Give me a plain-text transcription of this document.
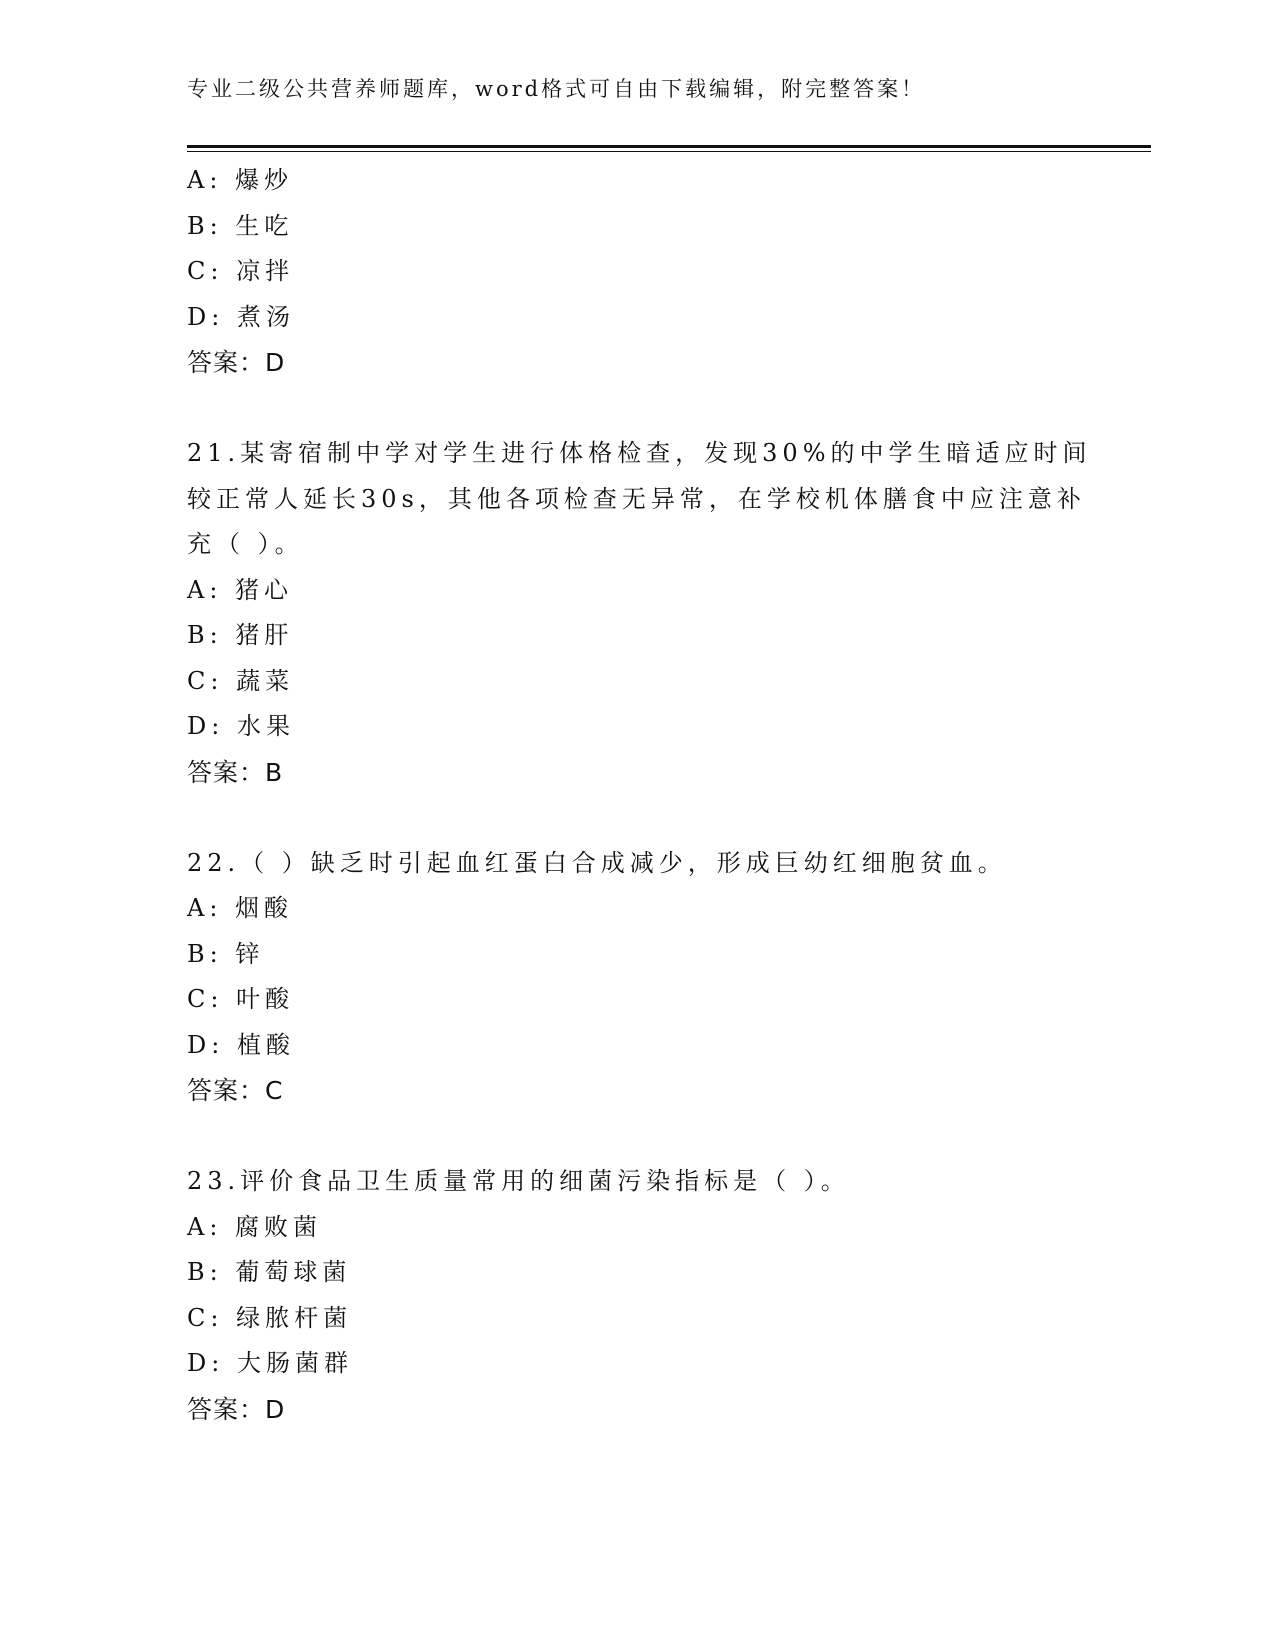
专业二级公共营养师题库，word格式可自由下载编辑，附完整答案！
A: 爆炒
B: 生吃
C: 凉拌
D: 煮汤
答案：D
21.某寄宿制中学对学生进行体格检查，发现30%的中学生暗适应时间
较正常人延长30s，其他各项检查无异常，在学校机体膳食中应注意补
充（ ）。
A: 猪心
B: 猪肝
C: 蔬菜
D: 水果
答案：B
22.（ ）缺乏时引起血红蛋白合成减少，形成巨幼红细胞贫血。
A: 烟酸
B: 锌
C: 叶酸
D: 植酸
答案：C
23.评价食品卫生质量常用的细菌污染指标是（ ）。
A: 腐败菌
B: 葡萄球菌
C: 绿脓杆菌
D: 大肠菌群
答案：D
